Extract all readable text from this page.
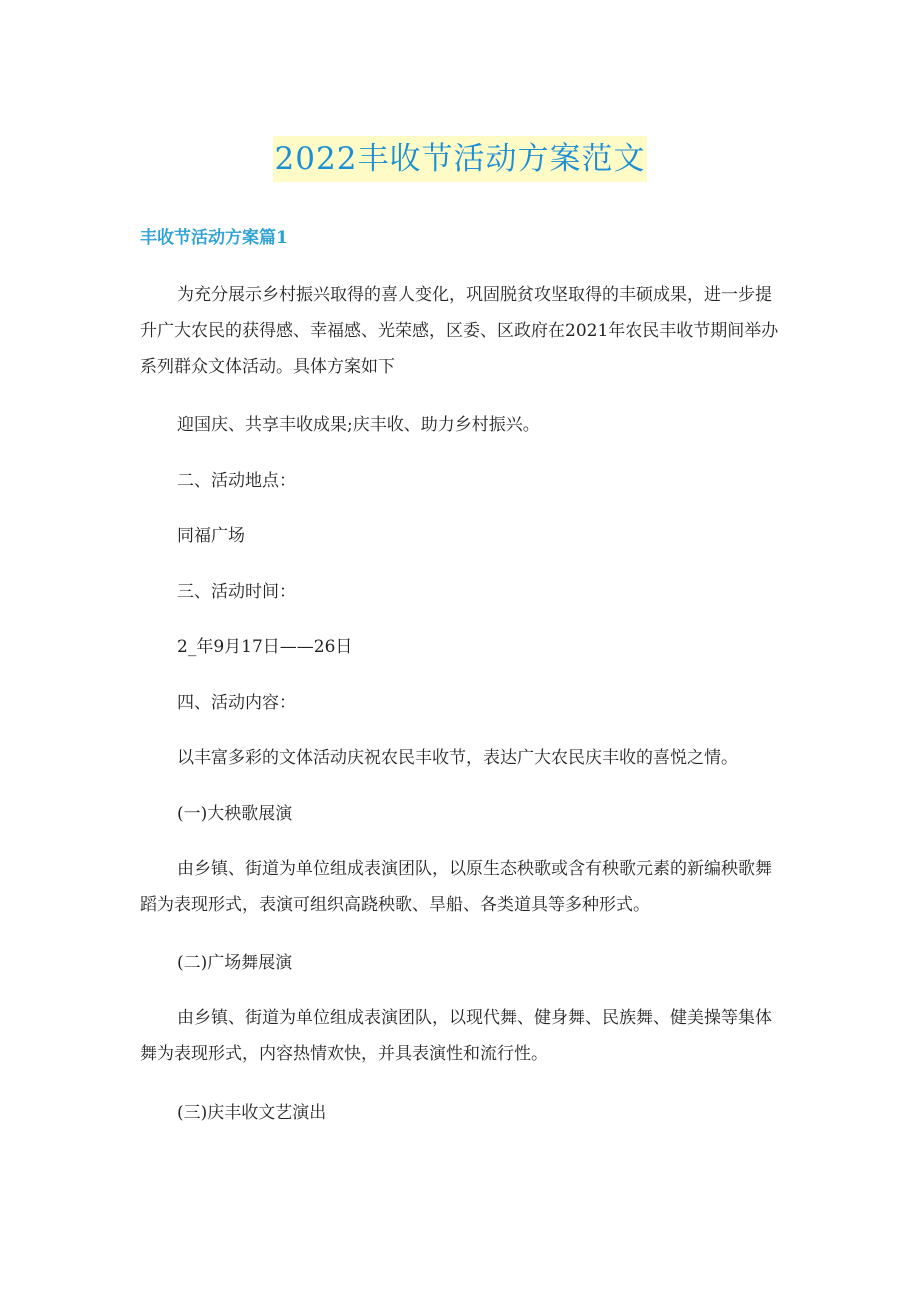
2022丰收节活动方案范文
丰收节活动方案篇1

为充分展示乡村振兴取得的喜人变化，巩固脱贫攻坚取得的丰硕成果，进一步提升广大农民的获得感、幸福感、光荣感，区委、区政府在2021年农民丰收节期间举办系列群众文体活动。具体方案如下

迎国庆、共享丰收成果;庆丰收、助力乡村振兴。
二、活动地点：
同福广场
三、活动时间：
2_年9月17日——26日
四、活动内容：
以丰富多彩的文体活动庆祝农民丰收节，表达广大农民庆丰收的喜悦之情。
(一)大秧歌展演

由乡镇、街道为单位组成表演团队，以原生态秧歌或含有秧歌元素的新编秧歌舞蹈为表现形式，表演可组织高跷秧歌、旱船、各类道具等多种形式。

(二)广场舞展演

由乡镇、街道为单位组成表演团队，以现代舞、健身舞、民族舞、健美操等集体舞为表现形式，内容热情欢快，并具表演性和流行性。

(三)庆丰收文艺演出
